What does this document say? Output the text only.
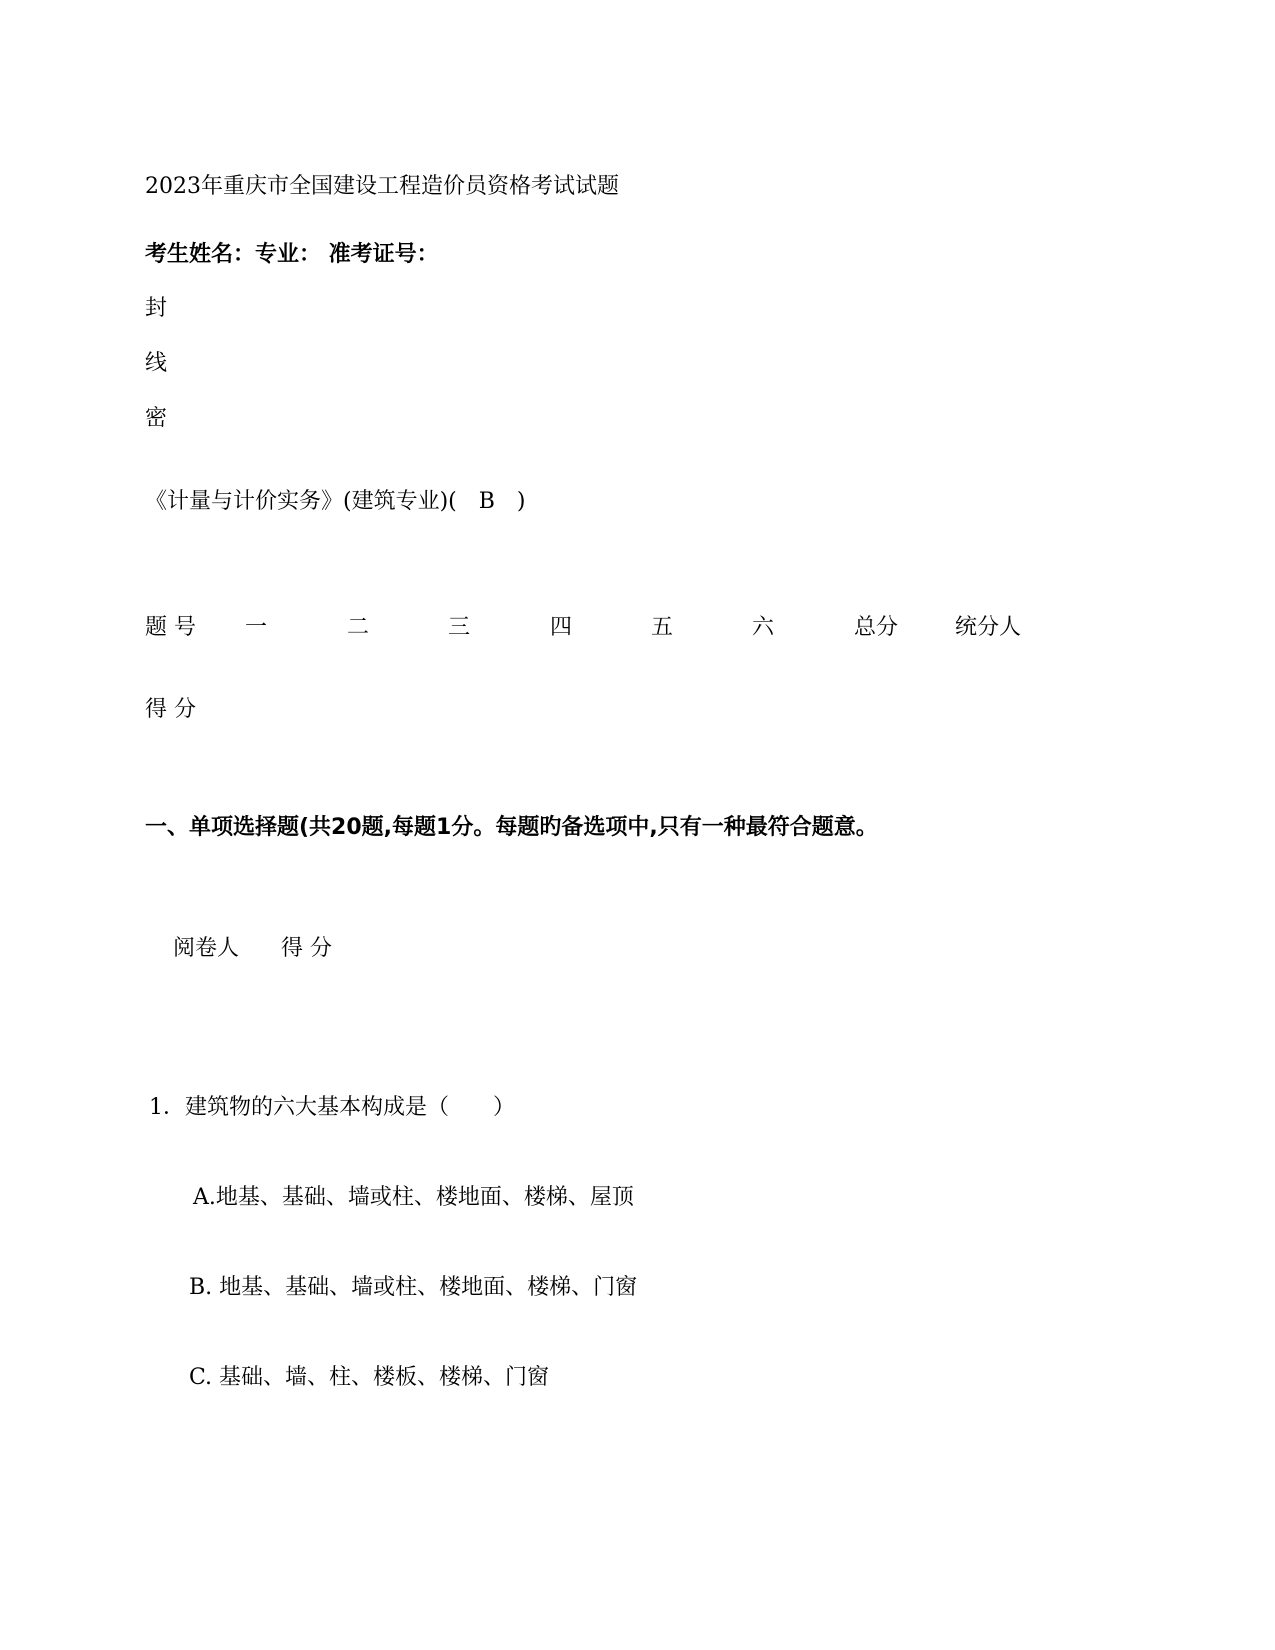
2023年重庆市全国建设工程造价员资格考试试题
考生姓名：专业： 准考证号：
封
线
密
《计量与计价实务》(建筑专业)(　B　)
题 号 一	二	三	四	五	六	总分	统分人
得 分
一、单项选择题(共20题,每题1分。每题旳备选项中,只有一种最符合题意。
阅卷人 得 分
1．建筑物的六大基本构成是（　　）
A.地基、基础、墙或柱、楼地面、楼梯、屋顶
B. 地基、基础、墙或柱、楼地面、楼梯、门窗
C. 基础、墙、柱、楼板、楼梯、门窗
